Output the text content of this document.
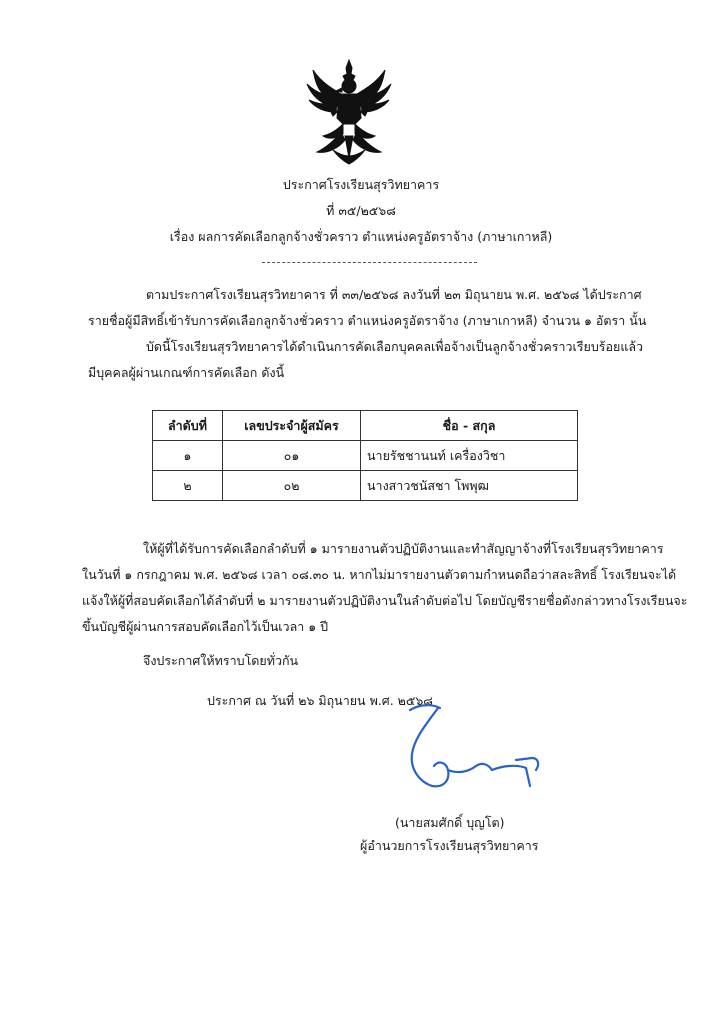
ประกาศโรงเรียนสุรวิทยาคาร
ที่ ๓๕/๒๕๖๘
เรื่อง ผลการคัดเลือกลูกจ้างชั่วคราว ตำแหน่งครูอัตราจ้าง (ภาษาเกาหลี)
ตามประกาศโรงเรียนสุรวิทยาคาร ที่ ๓๓/๒๕๖๘ ลงวันที่ ๒๓ มิถุนายน พ.ศ. ๒๕๖๘ ได้ประกาศ
รายชื่อผู้มีสิทธิ์เข้ารับการคัดเลือกลูกจ้างชั่วคราว ตำแหน่งครูอัตราจ้าง (ภาษาเกาหลี) จำนวน ๑ อัตรา นั้น
บัดนี้โรงเรียนสุรวิทยาคารได้ดำเนินการคัดเลือกบุคคลเพื่อจ้างเป็นลูกจ้างชั่วคราวเรียบร้อยแล้ว
มีบุคคลผู้ผ่านเกณฑ์การคัดเลือก ดังนี้
ลำดับที่	เลขประจำผู้สมัคร	ชื่อ - สกุล
๑	๐๑	นายรัชชานนท์ เครื่องวิชา
๒	๐๒	นางสาวชนัสชา โพพุฒ
ให้ผู้ที่ได้รับการคัดเลือกลำดับที่ ๑ มารายงานตัวปฏิบัติงานและทำสัญญาจ้างที่โรงเรียนสุรวิทยาคาร
ในวันที่ ๑ กรกฎาคม พ.ศ. ๒๕๖๘ เวลา ๐๘.๓๐ น. หากไม่มารายงานตัวตามกำหนดถือว่าสละสิทธิ์ โรงเรียนจะได้
แจ้งให้ผู้ที่สอบคัดเลือกได้ลำดับที่ ๒ มารายงานตัวปฏิบัติงานในลำดับต่อไป โดยบัญชีรายชื่อดังกล่าวทางโรงเรียนจะ
ขึ้นบัญชีผู้ผ่านการสอบคัดเลือกไว้เป็นเวลา ๑ ปี
จึงประกาศให้ทราบโดยทั่วกัน
ประกาศ ณ วันที่ ๒๖ มิถุนายน พ.ศ. ๒๕๖๘
(นายสมศักดิ์ บุญโต)
ผู้อำนวยการโรงเรียนสุรวิทยาคาร
